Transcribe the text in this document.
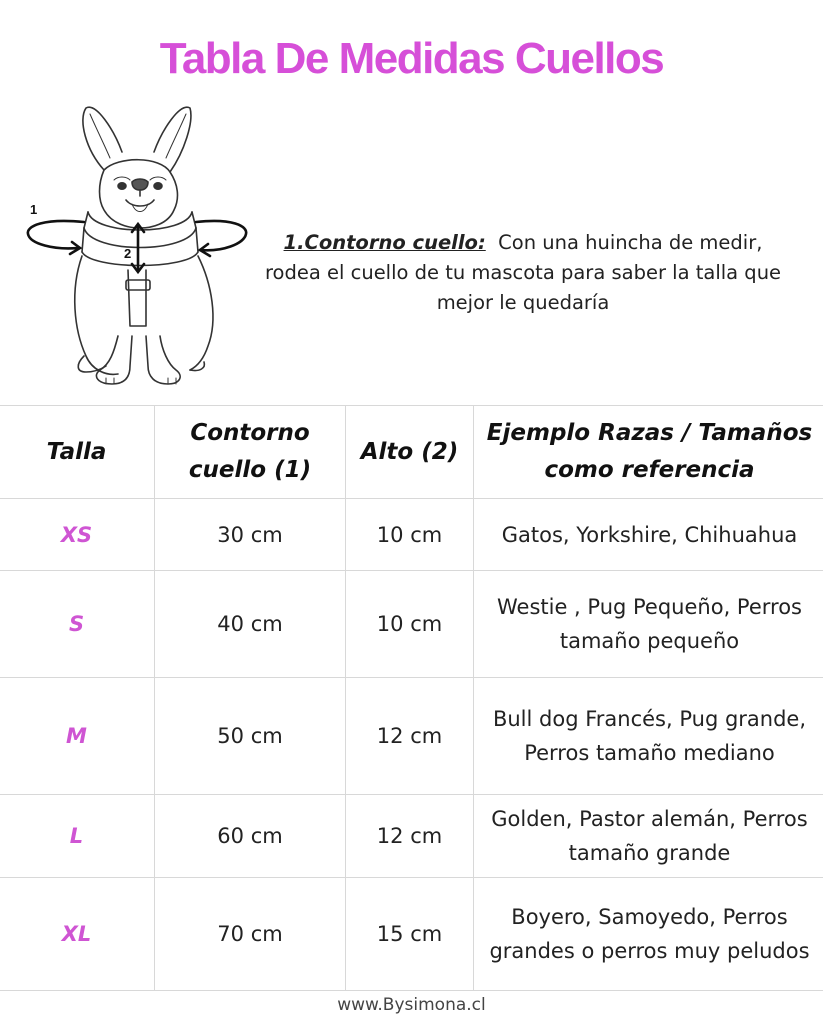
Tabla De Medidas Cuellos
1
2	1.Contorno cuello: Con una huincha de medir, rodea el cuello de tu mascota para saber la talla que mejor le quedaría
Talla	Contorno cuello (1)	Alto (2)	Ejemplo Razas / Tamaños como referencia
XS	30 cm	10 cm	Gatos, Yorkshire, Chihuahua
S	40 cm	10 cm	Westie , Pug Pequeño, Perros tamaño pequeño
M	50 cm	12 cm	Bull dog Francés, Pug grande, Perros tamaño mediano
L	60 cm	12 cm	Golden, Pastor alemán, Perros tamaño grande
XL	70 cm	15 cm	Boyero, Samoyedo, Perros grandes o perros muy peludos
www.Bysimona.cl
